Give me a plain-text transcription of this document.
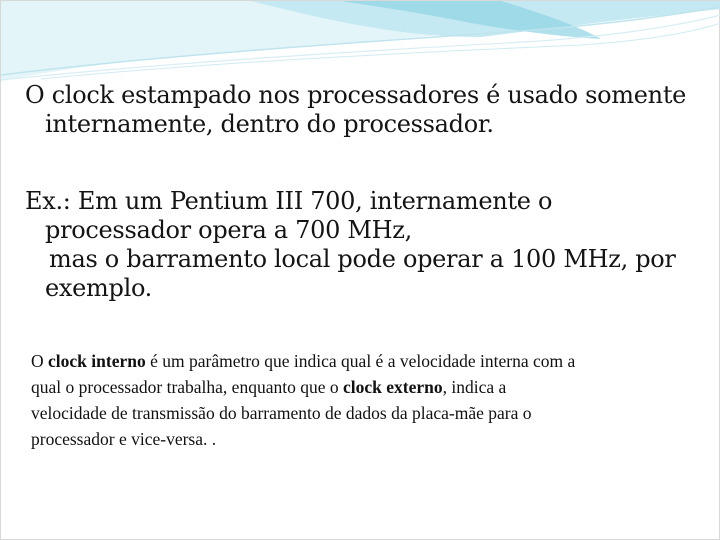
O clock estampado nos processadores é usado somente
internamente, dentro do processador.
Ex.: Em um Pentium III 700, internamente o
processador opera a 700 MHz,
mas o barramento local pode operar a 100 MHz, por
exemplo.
O clock interno é um parâmetro que indica qual é a velocidade interna com a
qual o processador trabalha, enquanto que o clock externo, indica a
velocidade de transmissão do barramento de dados da placa-mãe para o
processador e vice-versa. .
